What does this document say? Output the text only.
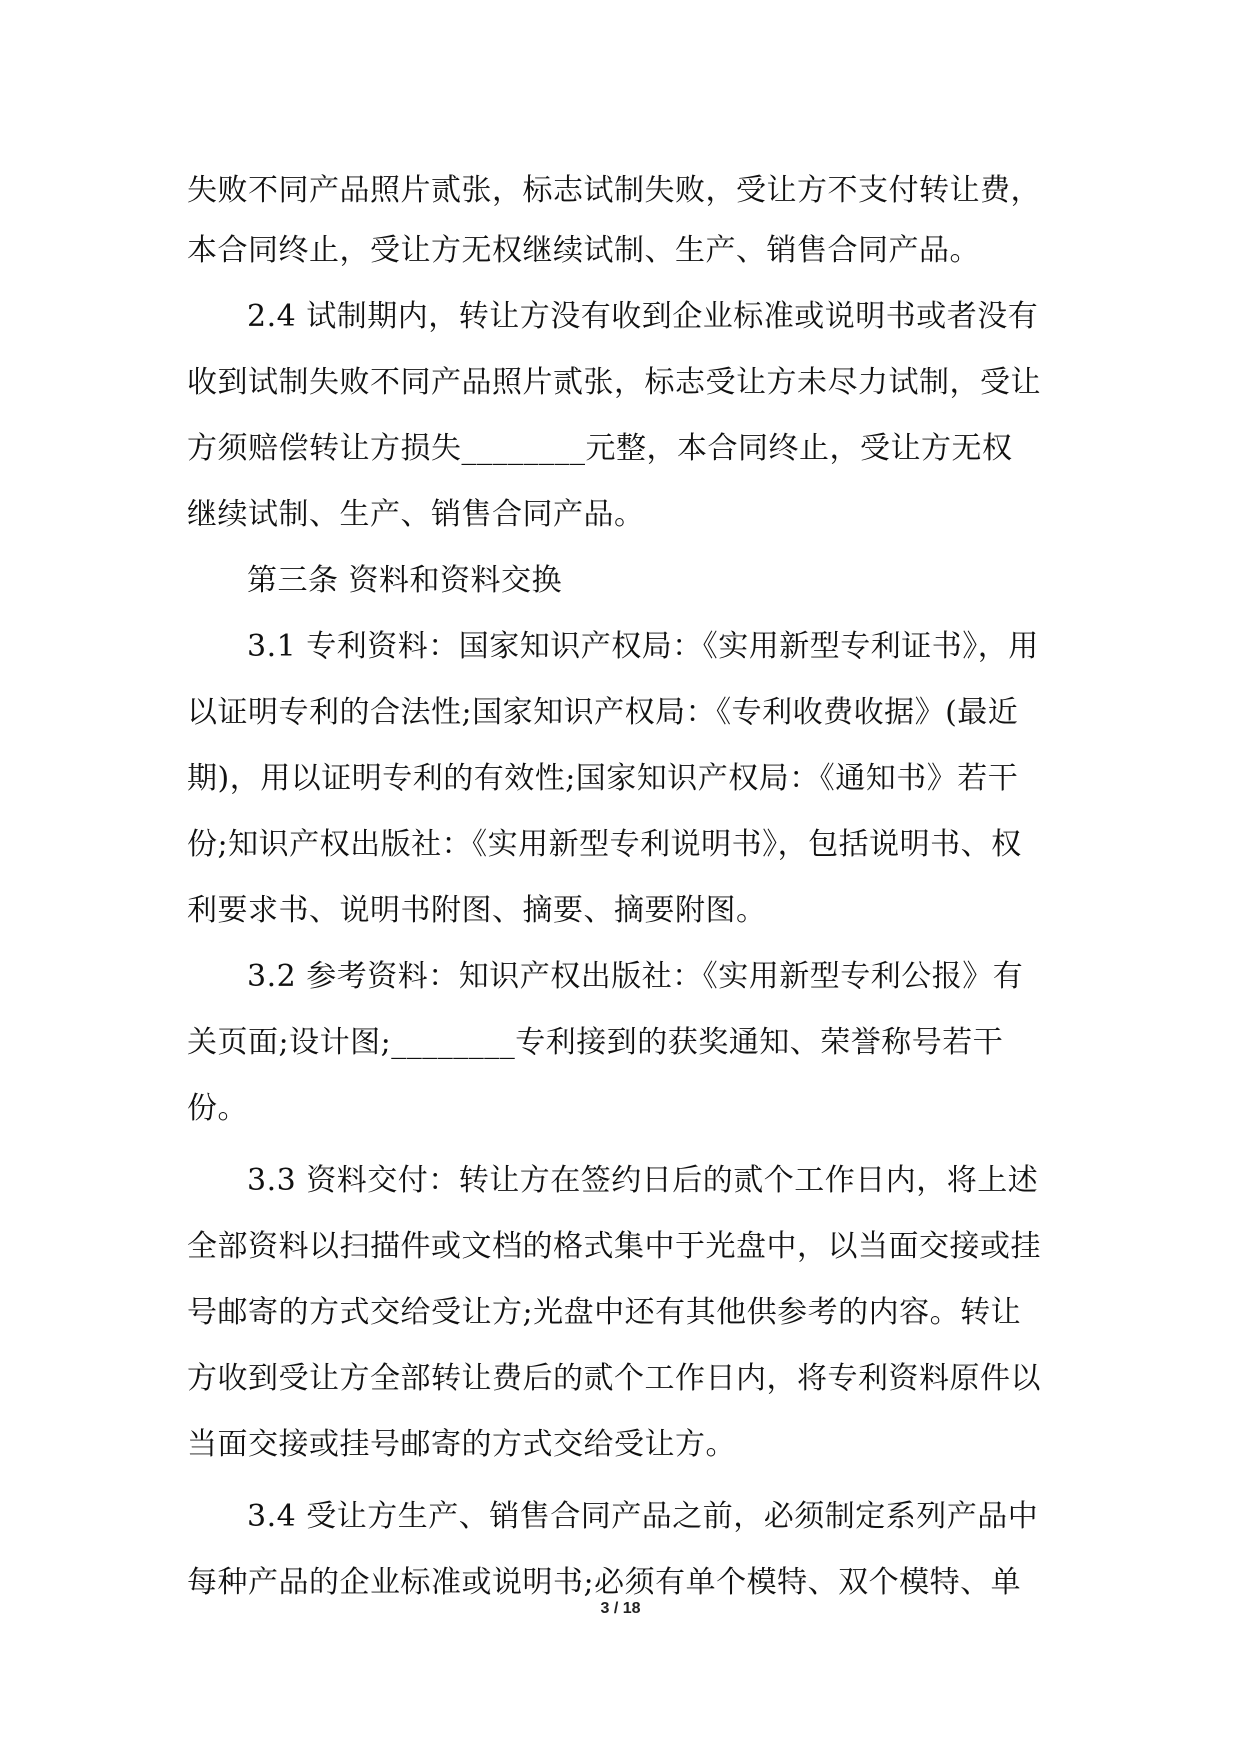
失败不同产品照片贰张，标志试制失败，受让方不支付转让费，
本合同终止，受让方无权继续试制、生产、销售合同产品。
2.4 试制期内，转让方没有收到企业标准或说明书或者没有
收到试制失败不同产品照片贰张，标志受让方未尽力试制，受让
方须赔偿转让方损失________元整，本合同终止，受让方无权
继续试制、生产、销售合同产品。
第三条 资料和资料交换
3.1 专利资料：国家知识产权局：《实用新型专利证书》，用
以证明专利的合法性;国家知识产权局：《专利收费收据》(最近
期)，用以证明专利的有效性;国家知识产权局：《通知书》若干
份;知识产权出版社：《实用新型专利说明书》，包括说明书、权
利要求书、说明书附图、摘要、摘要附图。
3.2 参考资料：知识产权出版社：《实用新型专利公报》有
关页面;设计图;________专利接到的获奖通知、荣誉称号若干
份。
3.3 资料交付：转让方在签约日后的贰个工作日内，将上述
全部资料以扫描件或文档的格式集中于光盘中，以当面交接或挂
号邮寄的方式交给受让方;光盘中还有其他供参考的内容。转让
方收到受让方全部转让费后的贰个工作日内，将专利资料原件以
当面交接或挂号邮寄的方式交给受让方。
3.4 受让方生产、销售合同产品之前，必须制定系列产品中
每种产品的企业标准或说明书;必须有单个模特、双个模特、单
3 / 18
